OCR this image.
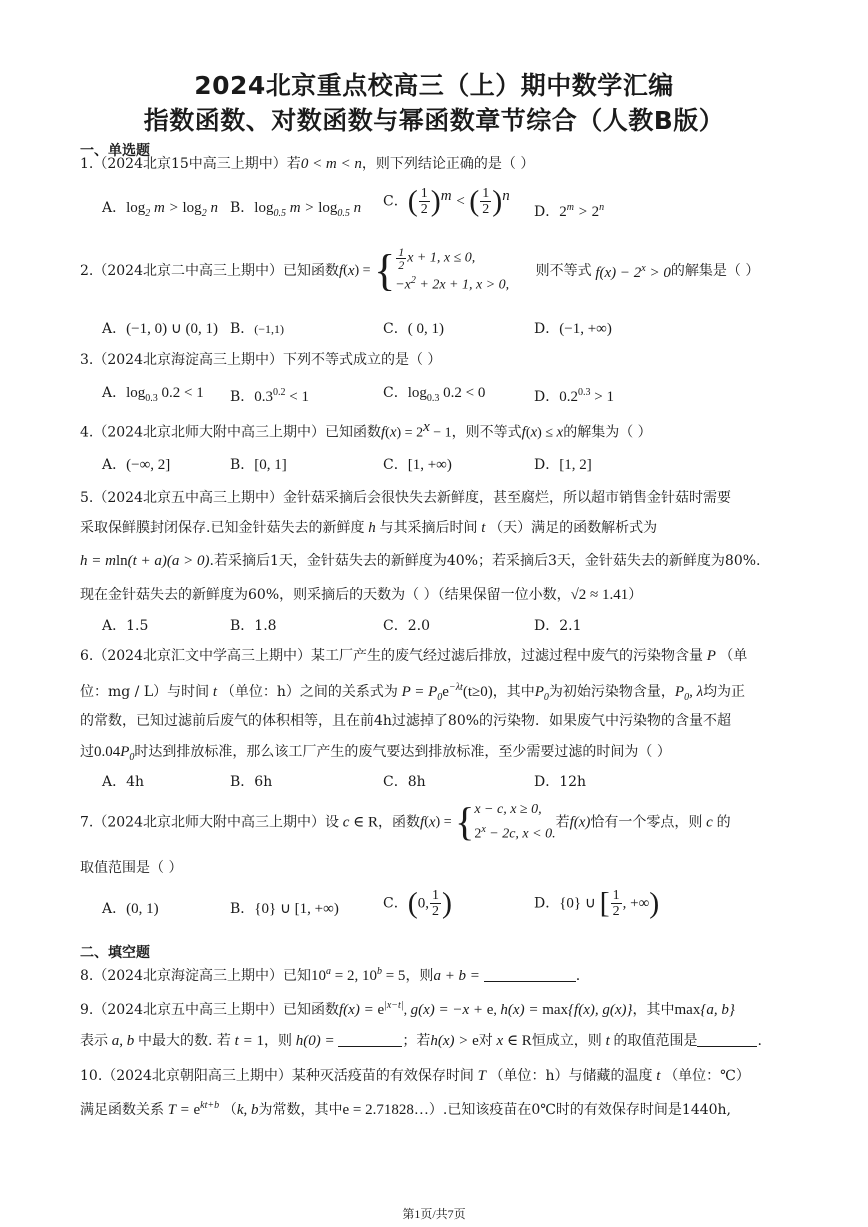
2024北京重点校高三（上）期中数学汇编
指数函数、对数函数与幂函数章节综合（人教B版）
一、单选题
1.（2024北京15中高三上期中）若0 < m < n，则下列结论正确的是（ ）
A．$\log_2 m > \log_2 n$ B．$\log_{0.5} m > \log_{0.5} n$ C．( $\frac{1}{2} )^m$ < ( $\frac{1}{2} )^n$
D．$2^m > 2^n$
2.（2024北京二中高三上期中）已知函数f(x) = { $\frac{1}{2}$ x + 1, x ≤ 0,
$-x^2 + 2x + 1$, x > 0,
则不等式 $f(x) - 2^x > 0$的解集是（ ）
A．(−1, 0) ∪ (0, 1) B．(−1,1)	C．( 0, 1)	D．(−1, +∞)
3.（2024北京海淀高三上期中）下列不等式成立的是（ ）
A．$\log_{0.3} 0.2 < 1$ B．$0.3^{0.2} < 1$	C．$\log_{0.3} 0.2 < 0$	D．$0.2^{0.3} > 1$
4.（2024北京北师大附中高三上期中）已知函数$f(x) = 2^x - 1$，则不等式f(x) ≤ x的解集为（ ）
A．(−∞, 2]	B．[0, 1]	C．[1, +∞)	D．[1, 2]
5.（2024北京五中高三上期中）金针菇采摘后会很快失去新鲜度，甚至腐烂，所以超市销售金针菇时需要
采取保鲜膜封闭保存.已知金针菇失去的新鲜度 h 与其采摘后时间 t （天）满足的函数解析式为
h = mln(t + a)(a > 0).若采摘后1天，金针菇失去的新鲜度为40%；若采摘后3天，金针菇失去的新鲜度为80%.
现在金针菇失去的新鲜度为60%，则采摘后的天数为（ ）（结果保留一位小数，√2 ≈ 1.41）
A．1.5	B．1.8	C．2.0	D．2.1
6.（2024北京汇文中学高三上期中）某工厂产生的废气经过滤后排放，过滤过程中废气的污染物含量 P （单
位：mg / L）与时间 t （单位：h）之间的关系式为 $P = P_0e^{-\lambda t}(t\ge 0)$，其中$P_0$为初始污染物含量，$P_0$, λ均为正
的常数，已知过滤前后废气的体积相等，且在前4h过滤掉了80%的污染物．如果废气中污染物的含量不超
过$0.04P_0$时达到排放标准，那么该工厂产生的废气要达到排放标准，至少需要过滤的时间为（ ）
A．4h	B．6h	C．8h	D．12h
7.（2024北京北师大附中高三上期中）设 c ∈ R，函数f(x) = { x − c, x ≥ 0,
$2^x - 2c$, x < 0.
若f(x)恰有一个零点，则 c 的
取值范围是（ ）
A．(0, 1)	B．{0} ∪ [1, +∞)	C．(0, $\frac{1}{2}$ )	D．{0} ∪ [ $\frac{1}{2}$ , +∞)
二、填空题
8.（2024北京海淀高三上期中）已知$10^a = 2$, $10^b = 5$，则a + b =	.
9.（2024北京五中高三上期中）已知函数$f(x) = e^{|x-t|}$, g(x) = −x + e, h(x) = max{f(x), g(x)}，其中max{a, b}
表示 a, b 中最大的数. 若 t = 1，则 h(0) =	；若h(x) > e对 x ∈ R恒成立，则 t 的取值范围是	.
10.（2024北京朝阳高三上期中）某种灭活疫苗的有效保存时间 T （单位：h）与储藏的温度 t （单位：℃）
满足函数关系 $T = e^{kt+b}$ （k, b为常数，其中e = 2.71828…）.已知该疫苗在0℃时的有效保存时间是1440h,
第1页/共7页
